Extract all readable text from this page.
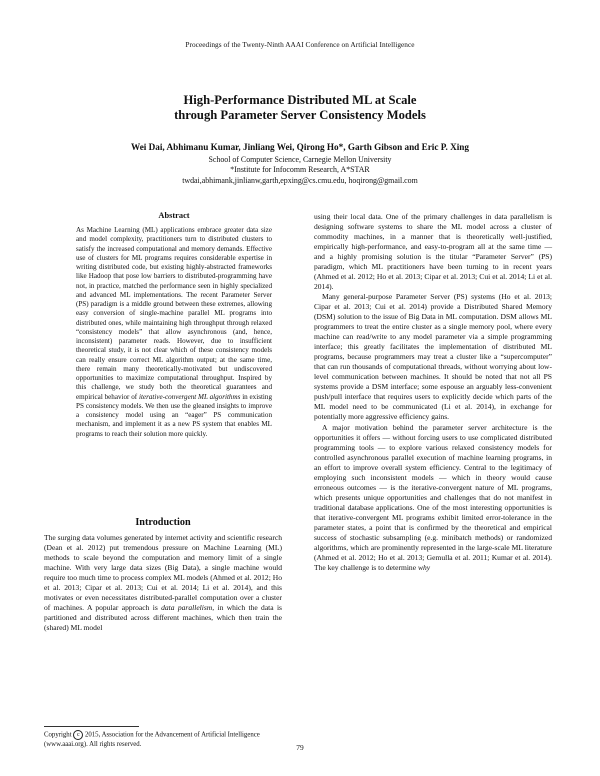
Proceedings of the Twenty-Ninth AAAI Conference on Artificial Intelligence
High-Performance Distributed ML at Scale
through Parameter Server Consistency Models
Wei Dai, Abhimanu Kumar, Jinliang Wei, Qirong Ho*, Garth Gibson and Eric P. Xing
School of Computer Science, Carnegie Mellon University
*Institute for Infocomm Research, A*STAR
twdai,abhimank,jinlianw,garth,epxing@cs.cmu.edu, hoqirong@gmail.com
Abstract

As Machine Learning (ML) applications embrace greater data size and model complexity, practitioners turn to distributed clusters to satisfy the increased computational and memory demands. Effective use of clusters for ML programs requires considerable expertise in writing distributed code, but existing highly-abstracted frameworks like Hadoop that pose low barriers to distributed-programming have not, in practice, matched the performance seen in highly specialized and advanced ML implementations. The recent Parameter Server (PS) paradigm is a middle ground between these extremes, allowing easy conversion of single-machine parallel ML programs into distributed ones, while maintaining high throughput through relaxed “consistency models” that allow asynchronous (and, hence, inconsistent) parameter reads. However, due to insufficient theoretical study, it is not clear which of these consistency models can really ensure correct ML algorithm output; at the same time, there remain many theoretically-motivated but undiscovered opportunities to maximize computational throughput. Inspired by this challenge, we study both the theoretical guarantees and empirical behavior of iterative-convergent ML algorithms in existing PS consistency models. We then use the gleaned insights to improve a consistency model using an “eager” PS communication mechanism, and implement it as a new PS system that enables ML programs to reach their solution more quickly.

Introduction

The surging data volumes generated by internet activity and scientific research (Dean et al. 2012) put tremendous pressure on Machine Learning (ML) methods to scale beyond the computation and memory limit of a single machine. With very large data sizes (Big Data), a single machine would require too much time to process complex ML models (Ahmed et al. 2012; Ho et al. 2013; Cipar et al. 2013; Cui et al. 2014; Li et al. 2014), and this motivates or even necessitates distributed-parallel computation over a cluster of machines. A popular approach is data parallelism, in which the data is partitioned and distributed across different machines, which then train the (shared) ML model

using their local data. One of the primary challenges in data parallelism is designing software systems to share the ML model across a cluster of commodity machines, in a manner that is theoretically well-justified, empirically high-performance, and easy-to-program all at the same time — and a highly promising solution is the titular “Parameter Server” (PS) paradigm, which ML practitioners have been turning to in recent years (Ahmed et al. 2012; Ho et al. 2013; Cipar et al. 2013; Cui et al. 2014; Li et al. 2014).

Many general-purpose Parameter Server (PS) systems (Ho et al. 2013; Cipar et al. 2013; Cui et al. 2014) provide a Distributed Shared Memory (DSM) solution to the issue of Big Data in ML computation. DSM allows ML programmers to treat the entire cluster as a single memory pool, where every machine can read/write to any model parameter via a simple programming interface; this greatly facilitates the implementation of distributed ML programs, because programmers may treat a cluster like a “supercomputer” that can run thousands of computational threads, without worrying about low-level communication between machines. It should be noted that not all PS systems provide a DSM interface; some espouse an arguably less-convenient push/pull interface that requires users to explicitly decide which parts of the ML model need to be communicated (Li et al. 2014), in exchange for potentially more aggressive efficiency gains.

A major motivation behind the parameter server architecture is the opportunities it offers — without forcing users to use complicated distributed programming tools — to explore various relaxed consistency models for controlled asynchronous parallel execution of machine learning programs, in an effort to improve overall system efficiency. Central to the legitimacy of employing such inconsistent models — which in theory would cause erroneous outcomes — is the iterative-convergent nature of ML programs, which presents unique opportunities and challenges that do not manifest in traditional database applications. One of the most interesting opportunities is that iterative-convergent ML programs exhibit limited error-tolerance in the parameter states, a point that is confirmed by the theoretical and empirical success of stochastic subsampling (e.g. minibatch methods) or randomized algorithms, which are prominently represented in the large-scale ML literature (Ahmed et al. 2012; Ho et al. 2013; Gemulla et al. 2011; Kumar et al. 2014). The key challenge is to determine why

Copyright c 2015, Association for the Advancement of Artificial Intelligence (www.aaai.org). All rights reserved.	79
